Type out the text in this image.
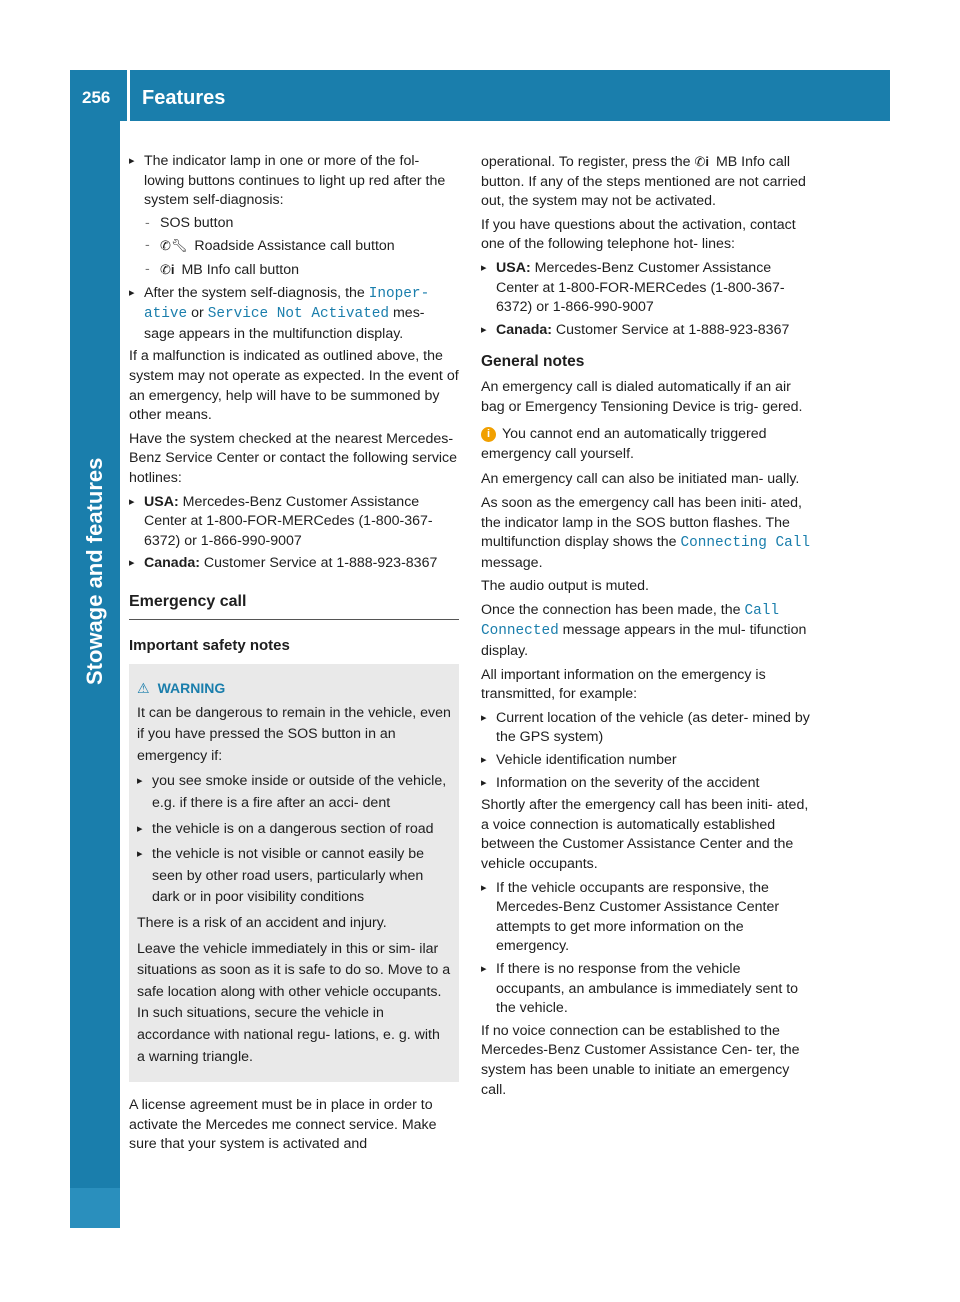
256 Features
Stowage and features
▸ The indicator lamp in one or more of the fol- lowing buttons continues to light up red after the system self-diagnosis:
- SOS button
- ✆🔧︎ Roadside Assistance call button
- ✆i MB Info call button
▸ After the system self-diagnosis, the Inoper- ative or Service Not Activated mes- sage appears in the multifunction display.

If a malfunction is indicated as outlined above, the system may not operate as expected. In the event of an emergency, help will have to be summoned by other means.

Have the system checked at the nearest Mercedes-Benz Service Center or contact the following service hotlines:

▸ USA: Mercedes-Benz Customer Assistance Center at 1-800-FOR-MERCedes (1-800-367-6372) or 1-866-990-9007
▸ Canada: Customer Service at 1-888-923-8367
Emergency call
Important safety notes
⚠︎ WARNING

It can be dangerous to remain in the vehicle, even if you have pressed the SOS button in an emergency if:

▸ you see smoke inside or outside of the vehicle, e.g. if there is a fire after an acci- dent
▸ the vehicle is on a dangerous section of road
▸ the vehicle is not visible or cannot easily be seen by other road users, particularly when dark or in poor visibility conditions

There is a risk of an accident and injury.

Leave the vehicle immediately in this or sim- ilar situations as soon as it is safe to do so. Move to a safe location along with other vehicle occupants. In such situations, secure the vehicle in accordance with national regu- lations, e. g. with a warning triangle.

A license agreement must be in place in order to activate the Mercedes me connect service. Make sure that your system is activated and

operational. To register, press the ✆i MB Info call button. If any of the steps mentioned are not carried out, the system may not be activated.

If you have questions about the activation, contact one of the following telephone hot- lines:

▸ USA: Mercedes-Benz Customer Assistance Center at 1-800-FOR-MERCedes (1-800-367-6372) or 1-866-990-9007
▸ Canada: Customer Service at 1-888-923-8367
General notes

An emergency call is dialed automatically if an air bag or Emergency Tensioning Device is trig- gered.

i You cannot end an automatically triggered emergency call yourself.

An emergency call can also be initiated man- ually.

As soon as the emergency call has been initi- ated, the indicator lamp in the SOS button flashes. The multifunction display shows the Connecting Call message.

The audio output is muted.

Once the connection has been made, the Call Connected message appears in the mul- tifunction display.

All important information on the emergency is transmitted, for example:

▸ Current location of the vehicle (as deter- mined by the GPS system)
▸ Vehicle identification number
▸ Information on the severity of the accident

Shortly after the emergency call has been initi- ated, a voice connection is automatically established between the Customer Assistance Center and the vehicle occupants.

▸ If the vehicle occupants are responsive, the Mercedes-Benz Customer Assistance Center attempts to get more information on the emergency.
▸ If there is no response from the vehicle occupants, an ambulance is immediately sent to the vehicle.

If no voice connection can be established to the Mercedes-Benz Customer Assistance Cen- ter, the system has been unable to initiate an emergency call.
